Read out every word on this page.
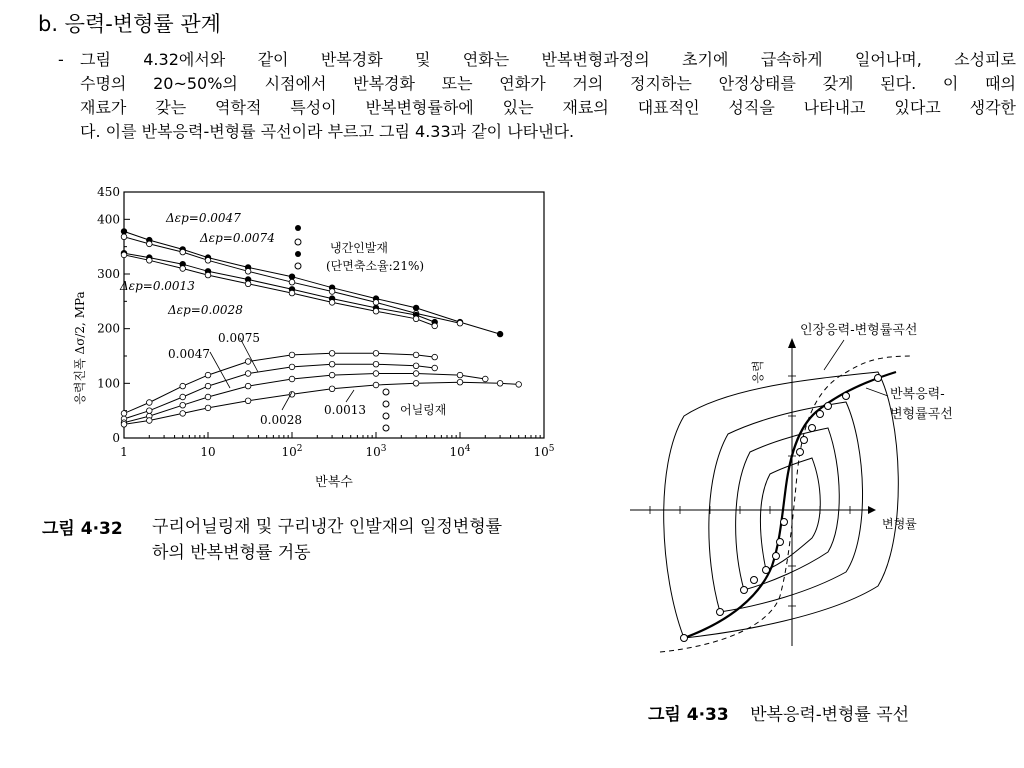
b. 응력-변형률 관계
- 그림 4.32에서와 같이 반복경화 및 연화는 반복변형과정의 초기에 급속하게 일어나며, 소성피로
수명의 20~50%의 시점에서 반복경화 또는 연화가 거의 정지하는 안정상태를 갖게 된다. 이 때의
재료가 갖는 역학적 특성이 반복변형률하에 있는 재료의 대표적인 성직을 나타내고 있다고 생각한
다. 이를 반복응력-변형률 곡선이라 부르고 그림 4.33과 같이 나타낸다.
450
400
300
200
100
0
1	10	$10^2$	$10^3$	$10^4$	$10^5$
응력진폭 Δσ/2, MPa
반복수
Δεp=0.0047
Δεp=0.0074
Δεp=0.0013
Δεp=0.0028
0.0075
0.0047
0.0028
0.0013
냉간인발재
(단면축소율:21%)
어닐링재
그림 4·32 구리어닐링재 및 구리냉간 인발재의 일정변형률
하의 반복변형률 거동
응력
변형률
인장응력-변형률곡선
반복응력-
변형률곡선
그림 4·33 반복응력-변형률 곡선
